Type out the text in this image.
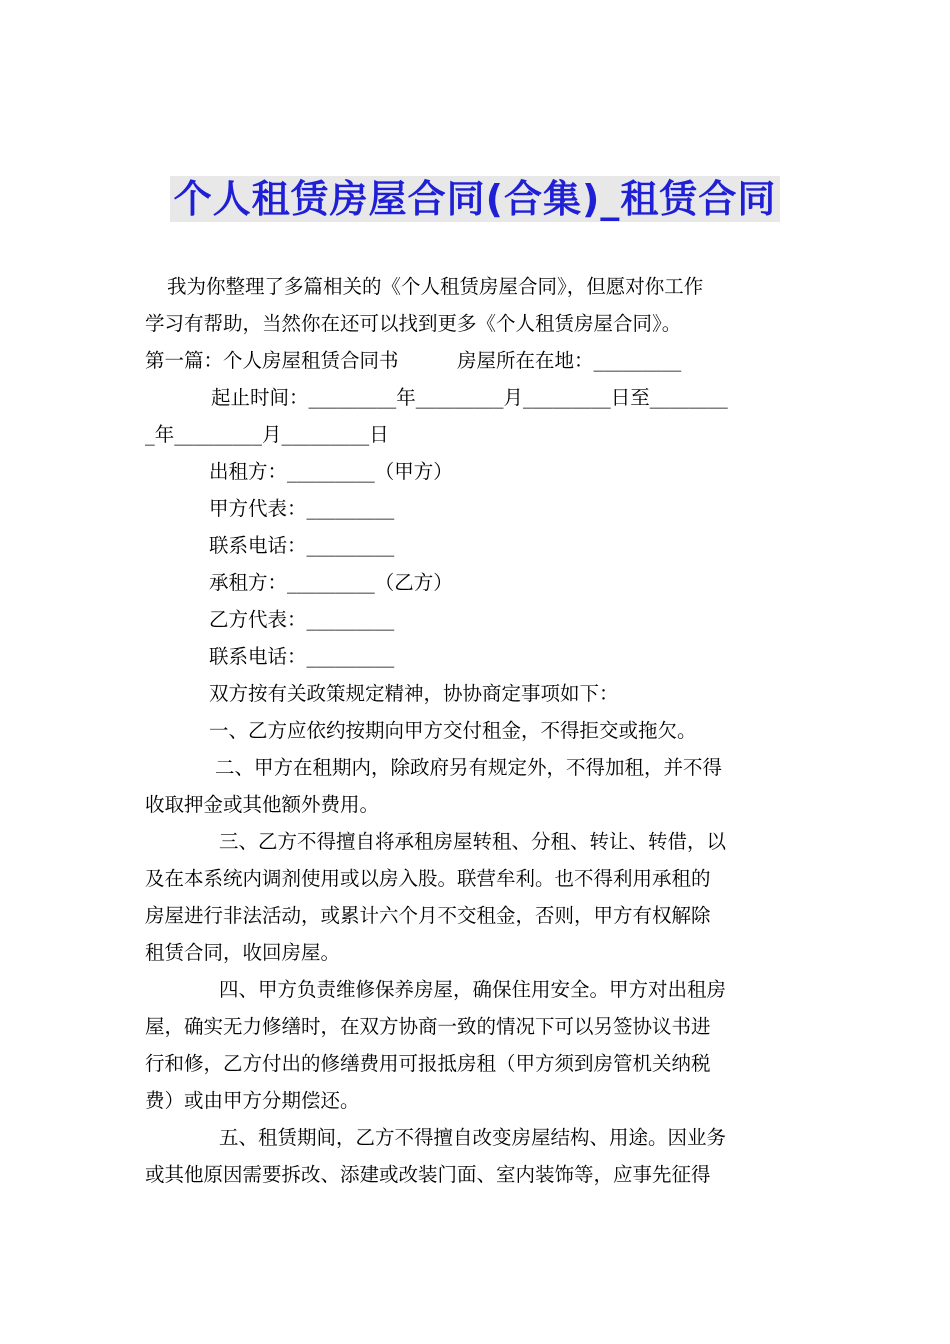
个人租赁房屋合同(合集)_租赁合同

我为你整理了多篇相关的《个人租赁房屋合同》，但愿对你工作

学习有帮助，当然你在还可以找到更多《个人租赁房屋合同》。
第一篇：个人房屋租赁合同书　　　房屋所在在地：_________

起止时间：_________年_________月_________日至________

_年_________月_________日

出租方：_________（甲方）
甲方代表：_________
联系电话：_________
承租方：_________（乙方）
乙方代表：_________
联系电话：_________
双方按有关政策规定精神，协协商定事项如下：
一、乙方应依约按期向甲方交付租金，不得拒交或拖欠。

二、甲方在租期内，除政府另有规定外，不得加租，并不得
收取押金或其他额外费用。

三、乙方不得擅自将承租房屋转租、分租、转让、转借，以
及在本系统内调剂使用或以房入股。联营牟利。也不得利用承租的
房屋进行非法活动，或累计六个月不交租金，否则，甲方有权解除
租赁合同，收回房屋。

四、甲方负责维修保养房屋，确保住用安全。甲方对出租房
屋，确实无力修缮时，在双方协商一致的情况下可以另签协议书进
行和修，乙方付出的修缮费用可报抵房租（甲方须到房管机关纳税
费）或由甲方分期偿还。

五、租赁期间，乙方不得擅自改变房屋结构、用途。因业务
或其他原因需要拆改、添建或改装门面、室内装饰等，应事先征得
